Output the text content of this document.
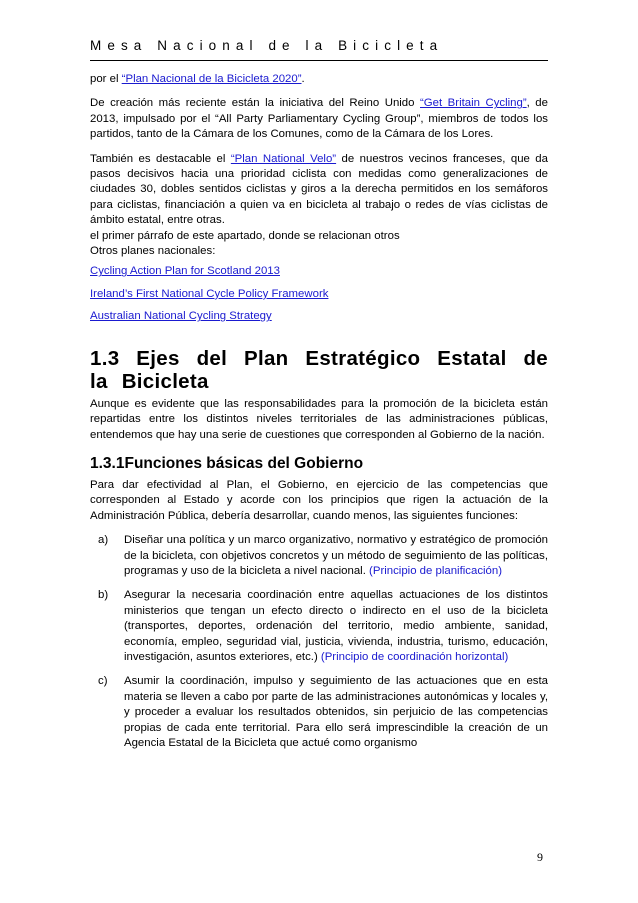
Mesa Nacional de la Bicicleta

por el “Plan Nacional de la Bicicleta 2020”.

De creación más reciente están la iniciativa del Reino Unido “Get Britain Cycling”, de 2013, impulsado por el “All Party Parliamentary Cycling Group”, miembros de todos los partidos, tanto de la Cámara de los Comunes, como de la Cámara de los Lores.

También es destacable el “Plan National Velo” de nuestros vecinos franceses, que da pasos decisivos hacia una prioridad ciclista con medidas como generalizaciones de ciudades 30, dobles sentidos ciclistas y giros a la derecha permitidos en los semáforos para ciclistas, financiación a quien va en bicicleta al trabajo o redes de vías ciclistas de ámbito estatal, entre otras.

el primer párrafo de este apartado, donde se relacionan otros

Otros planes nacionales:

Cycling Action Plan for Scotland 2013

Ireland’s First National Cycle Policy Framework

Australian National Cycling Strategy

1.3 Ejes del Plan Estratégico Estatal de la Bicicleta

Aunque es evidente que las responsabilidades para la promoción de la bicicleta están repartidas entre los distintos niveles territoriales de las administraciones públicas, entendemos que hay una serie de cuestiones que corresponden al Gobierno de la nación.

1.3.1Funciones básicas del Gobierno

Para dar efectividad al Plan, el Gobierno, en ejercicio de las competencias que corresponden al Estado y acorde con los principios que rigen la actuación de la Administración Pública, debería desarrollar, cuando menos, las siguientes funciones:

a) Diseñar una política y un marco organizativo, normativo y estratégico de promoción de la bicicleta, con objetivos concretos y un método de seguimiento de las políticas, programas y uso de la bicicleta a nivel nacional. (Principio de planificación)

b) Asegurar la necesaria coordinación entre aquellas actuaciones de los distintos ministerios que tengan un efecto directo o indirecto en el uso de la bicicleta (transportes, deportes, ordenación del territorio, medio ambiente, sanidad, economía, empleo, seguridad vial, justicia, vivienda, industria, turismo, educación, investigación, asuntos exteriores, etc.) (Principio de coordinación horizontal)

c) Asumir la coordinación, impulso y seguimiento de las actuaciones que en esta materia se lleven a cabo por parte de las administraciones autonómicas y locales y, y proceder a evaluar los resultados obtenidos, sin perjuicio de las competencias propias de cada ente territorial. Para ello será imprescindible la creación de un Agencia Estatal de la Bicicleta que actué como organismo

9
